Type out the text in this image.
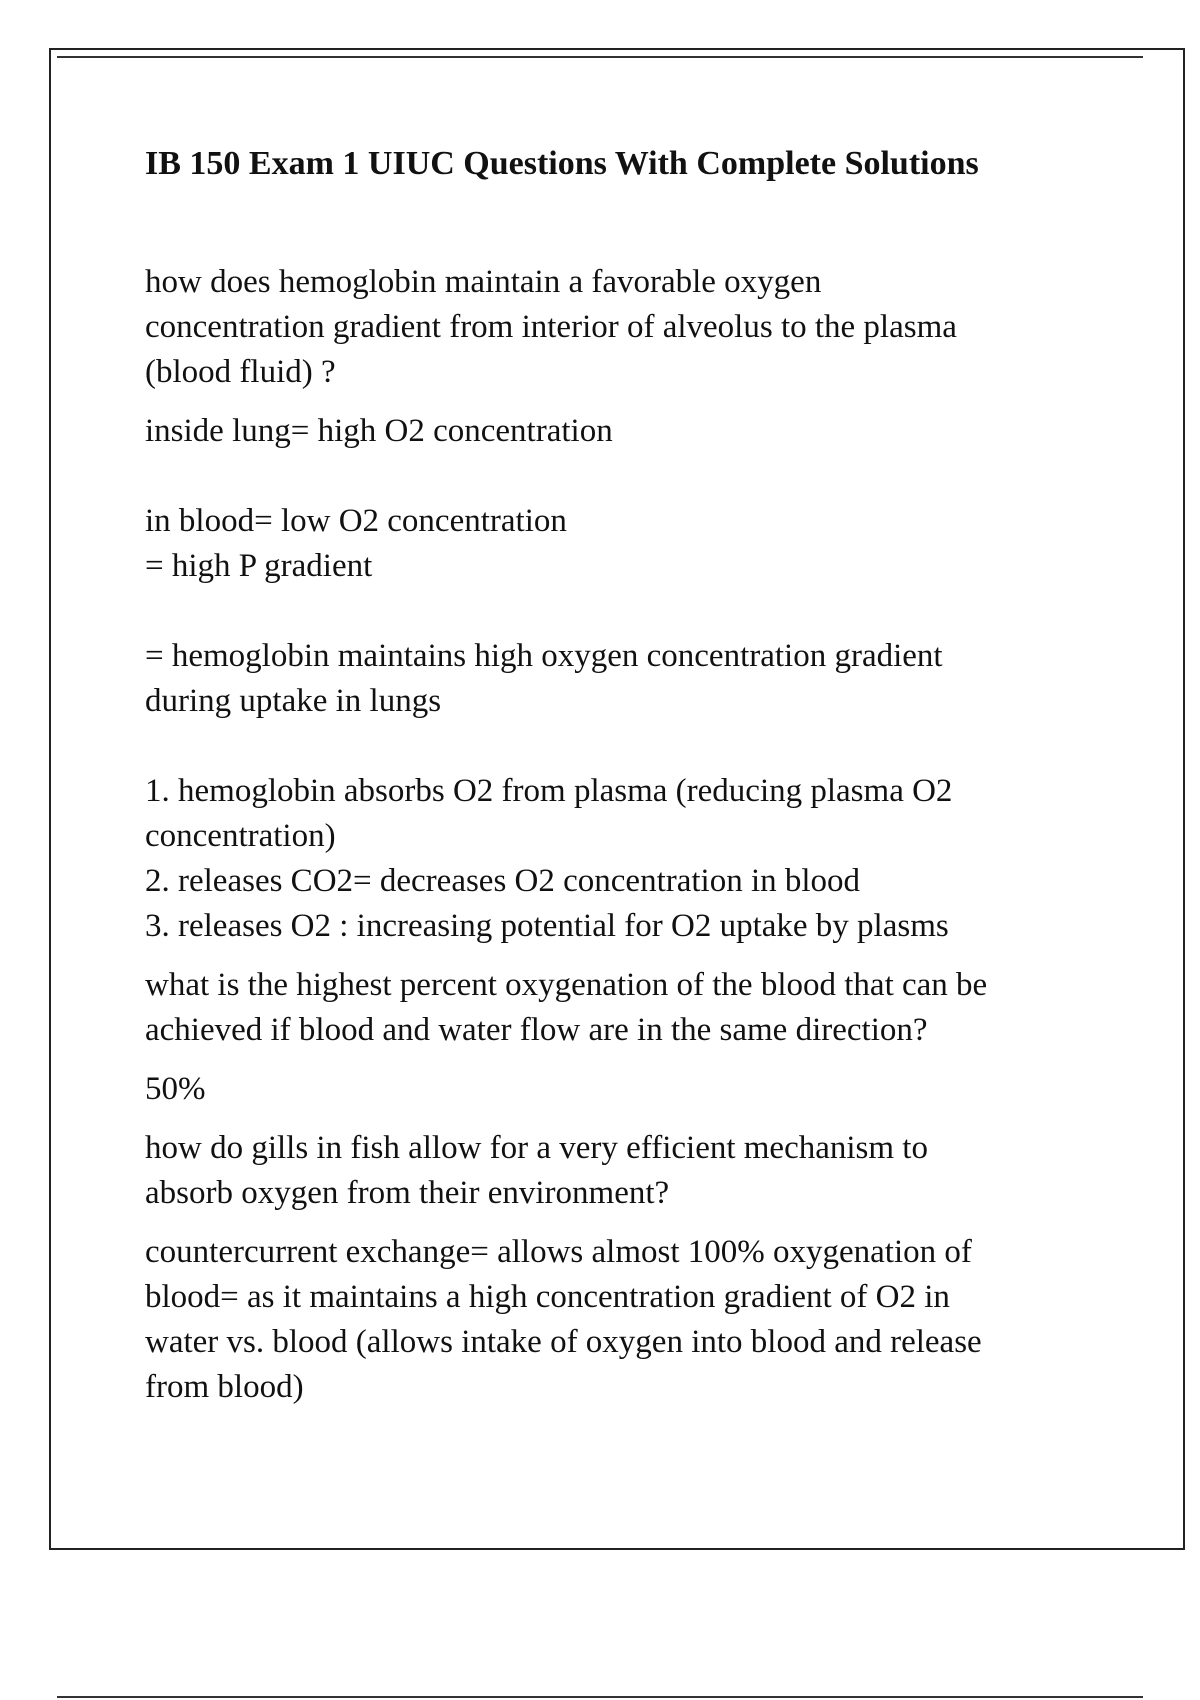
IB 150 Exam 1 UIUC Questions With Complete Solutions

how does hemoglobin maintain a favorable oxygen
concentration gradient from interior of alveolus to the plasma
(blood fluid) ?

inside lung= high O2 concentration

in blood= low O2 concentration
= high P gradient

= hemoglobin maintains high oxygen concentration gradient
during uptake in lungs

1. hemoglobin absorbs O2 from plasma (reducing plasma O2
concentration)
2. releases CO2= decreases O2 concentration in blood
3. releases O2 : increasing potential for O2 uptake by plasms

what is the highest percent oxygenation of the blood that can be
achieved if blood and water flow are in the same direction?

50%

how do gills in fish allow for a very efficient mechanism to
absorb oxygen from their environment?

countercurrent exchange= allows almost 100% oxygenation of
blood= as it maintains a high concentration gradient of O2 in
water vs. blood (allows intake of oxygen into blood and release
from blood)
